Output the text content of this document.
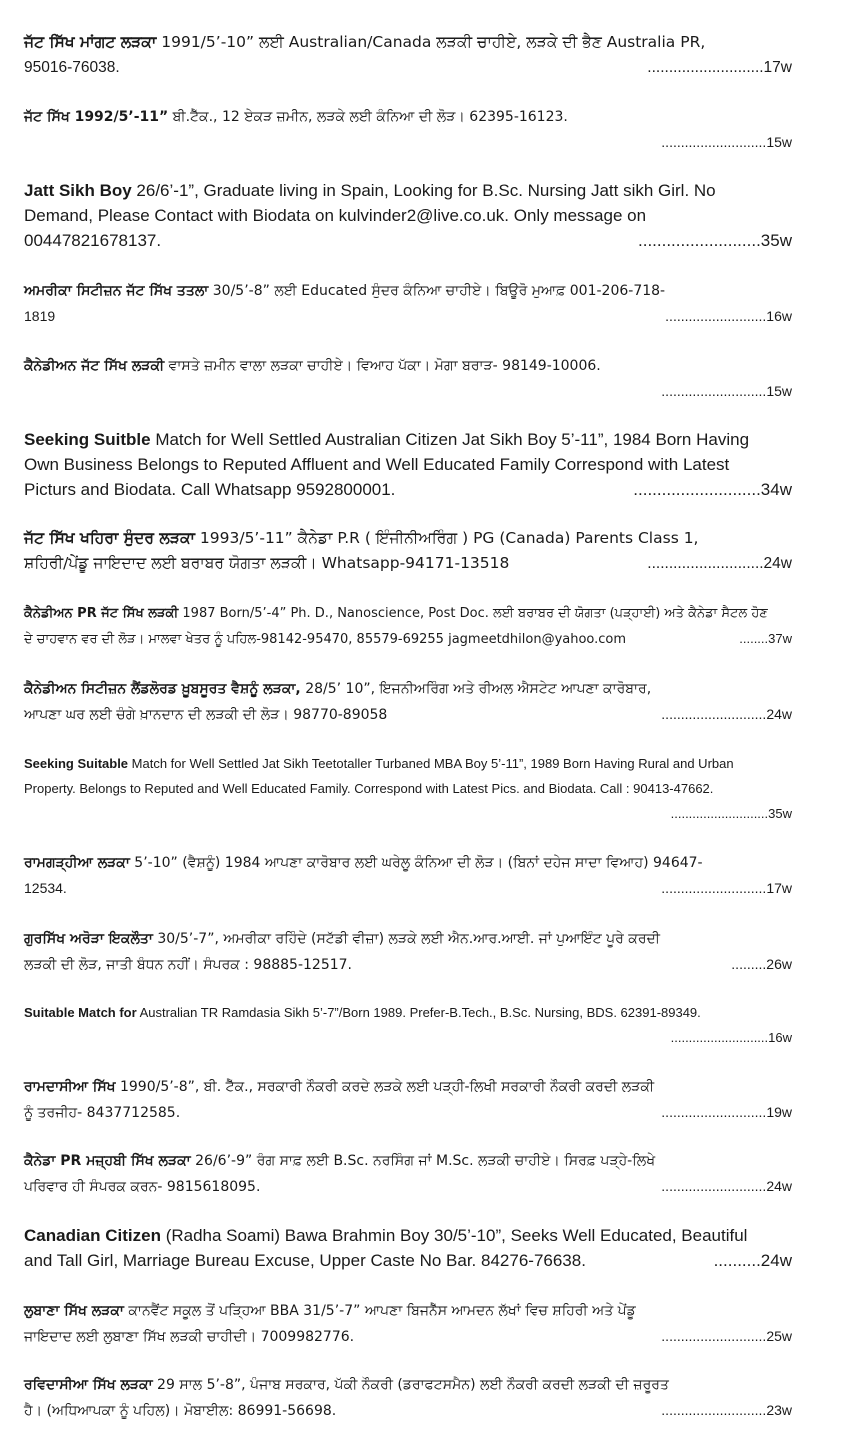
ਜੱਟ ਸਿੱਖ ਮਾਂਗਟ ਲੜਕਾ 1991/5’-10” ਲਈ Australian/Canada ਲੜਕੀ ਚਾਹੀਏ, ਲੜਕੇ ਦੀ ਭੈਣ Australia PR,
95016-76038.	...........................17w
ਜੱਟ ਸਿੱਖ 1992/5’-11” ਬੀ.ਟੈੱਕ., 12 ਏਕੜ ਜ਼ਮੀਨ, ਲੜਕੇ ਲਈ ਕੰਨਿਆ ਦੀ ਲੋੜ। 62395-16123.
...........................15w
Jatt Sikh Boy 26/6’-1”, Graduate living in Spain, Looking for B.Sc. Nursing Jatt sikh Girl. No
Demand, Please Contact with Biodata on kulvinder2@live.co.uk. Only message on
00447821678137.	..........................35w
ਅਮਰੀਕਾ ਸਿਟੀਜ਼ਨ ਜੱਟ ਸਿੱਖ ਤਤਲਾ 30/5’-8” ਲਈ Educated ਸੁੰਦਰ ਕੰਨਿਆ ਚਾਹੀਏ। ਬਿਊਰੋ ਮੁਆਫ਼ 001-206-718-
1819	..........................16w
ਕੈਨੇਡੀਅਨ ਜੱਟ ਸਿੱਖ ਲੜਕੀ ਵਾਸਤੇ ਜ਼ਮੀਨ ਵਾਲਾ ਲੜਕਾ ਚਾਹੀਏ। ਵਿਆਹ ਪੱਕਾ। ਮੋਗਾ ਬਰਾੜ- 98149-10006.
...........................15w
Seeking Suitble Match for Well Settled Australian Citizen Jat Sikh Boy 5’-11”, 1984 Born Having
Own Business Belongs to Reputed Affluent and Well Educated Family Correspond with Latest
Picturs and Biodata. Call Whatsapp 9592800001.	...........................34w
ਜੱਟ ਸਿੱਖ ਖਹਿਰਾ ਸੁੰਦਰ ਲੜਕਾ 1993/5’-11” ਕੈਨੇਡਾ P.R ( ਇੰਜੀਨੀਅਰਿੰਗ ) PG (Canada) Parents Class 1,
ਸ਼ਹਿਰੀ/ਪੇਂਡੂ ਜਾਇਦਾਦ ਲਈ ਬਰਾਬਰ ਯੋਗਤਾ ਲੜਕੀ। Whatsapp-94171-13518	...........................24w
ਕੈਨੇਡੀਅਨ PR ਜੱਟ ਸਿੱਖ ਲੜਕੀ 1987 Born/5’-4” Ph. D., Nanoscience, Post Doc. ਲਈ ਬਰਾਬਰ ਦੀ ਯੋਗਤਾ (ਪੜ੍ਹਾਈ) ਅਤੇ ਕੈਨੇਡਾ ਸੈਟਲ ਹੋਣ
ਦੇ ਚਾਹਵਾਨ ਵਰ ਦੀ ਲੋੜ। ਮਾਲਵਾ ਖੇਤਰ ਨੂੰ ਪਹਿਲ-98142-95470, 85579-69255 jagmeetdhilon@yahoo.com	........37w
ਕੈਨੇਡੀਅਨ ਸਿਟੀਜ਼ਨ ਲੈਂਡਲੋਰਡ ਖ਼ੂਬਸੂਰਤ ਵੈਸ਼ਨੂੰ ਲੜਕਾ, 28/5’ 10”, ਇਜਨੀਅਰਿੰਗ ਅਤੇ ਰੀਅਲ ਐਸਟੇਟ ਆਪਣਾ ਕਾਰੋਬਾਰ,
ਆਪਣਾ ਘਰ ਲਈ ਚੰਗੇ ਖ਼ਾਨਦਾਨ ਦੀ ਲੜਕੀ ਦੀ ਲੋੜ। 98770-89058	...........................24w
Seeking Suitable Match for Well Settled Jat Sikh Teetotaller Turbaned MBA Boy 5’-11”, 1989 Born Having Rural and Urban
Property. Belongs to Reputed and Well Educated Family. Correspond with Latest Pics. and Biodata. Call : 90413-47662.
...........................35w
ਰਾਮਗੜ੍ਹੀਆ ਲੜਕਾ 5’-10” (ਵੈਸ਼ਨੂੰ) 1984 ਆਪਣਾ ਕਾਰੋਬਾਰ ਲਈ ਘਰੇਲੂ ਕੰਨਿਆ ਦੀ ਲੋੜ। (ਬਿਨਾਂ ਦਹੇਜ ਸਾਦਾ ਵਿਆਹ) 94647-
12534.	...........................17w
ਗੁਰਸਿੱਖ ਅਰੋੜਾ ਇਕਲੌਤਾ 30/5’-7”, ਅਮਰੀਕਾ ਰਹਿੰਦੇ (ਸਟੱਡੀ ਵੀਜ਼ਾ) ਲੜਕੇ ਲਈ ਐਨ.ਆਰ.ਆਈ. ਜਾਂ ਪੁਆਇੰਟ ਪੂਰੇ ਕਰਦੀ
ਲੜਕੀ ਦੀ ਲੋੜ, ਜਾਤੀ ਬੰਧਨ ਨਹੀਂ। ਸੰਪਰਕ : 98885-12517.	.........26w
Suitable Match for Australian TR Ramdasia Sikh 5’-7”/Born 1989. Prefer-B.Tech., B.Sc. Nursing, BDS. 62391-89349.
...........................16w
ਰਾਮਦਾਸੀਆ ਸਿੱਖ 1990/5’-8”, ਬੀ. ਟੈੱਕ., ਸਰਕਾਰੀ ਨੌਕਰੀ ਕਰਦੇ ਲੜਕੇ ਲਈ ਪੜ੍ਹੀ-ਲਿਖੀ ਸਰਕਾਰੀ ਨੌਕਰੀ ਕਰਦੀ ਲੜਕੀ
ਨੂੰ ਤਰਜੀਹ- 8437712585.	...........................19w
ਕੈਨੇਡਾ PR ਮਜ਼੍ਹਬੀ ਸਿੱਖ ਲੜਕਾ 26/6’-9” ਰੰਗ ਸਾਫ਼ ਲਈ B.Sc. ਨਰਸਿੰਗ ਜਾਂ M.Sc. ਲੜਕੀ ਚਾਹੀਏ। ਸਿਰਫ਼ ਪੜ੍ਹੇ-ਲਿਖੇ
ਪਰਿਵਾਰ ਹੀ ਸੰਪਰਕ ਕਰਨ- 9815618095.	...........................24w
Canadian Citizen (Radha Soami) Bawa Brahmin Boy 30/5’-10”, Seeks Well Educated, Beautiful
and Tall Girl, Marriage Bureau Excuse, Upper Caste No Bar. 84276-76638.	..........24w
ਲੁਬਾਣਾ ਸਿੱਖ ਲੜਕਾ ਕਾਨਵੈਂਟ ਸਕੂਲ ਤੋਂ ਪੜ੍ਹਿਆ BBA 31/5’-7” ਆਪਣਾ ਬਿਜਨੈੱਸ ਆਮਦਨ ਲੱਖਾਂ ਵਿਚ ਸ਼ਹਿਰੀ ਅਤੇ ਪੇਂਡੂ
ਜਾਇਦਾਦ ਲਈ ਲੁਬਾਣਾ ਸਿੱਖ ਲੜਕੀ ਚਾਹੀਦੀ। 7009982776.	...........................25w
ਰਵਿਦਾਸੀਆ ਸਿੱਖ ਲੜਕਾ 29 ਸਾਲ 5’-8”, ਪੰਜਾਬ ਸਰਕਾਰ, ਪੱਕੀ ਨੌਕਰੀ (ਡਰਾਫਟਸਮੈਨ) ਲਈ ਨੌਕਰੀ ਕਰਦੀ ਲੜਕੀ ਦੀ ਜ਼ਰੂਰਤ
ਹੈ। (ਅਧਿਆਪਕਾ ਨੂੰ ਪਹਿਲ)। ਮੋਬਾਈਲ: 86991-56698.	...........................23w
